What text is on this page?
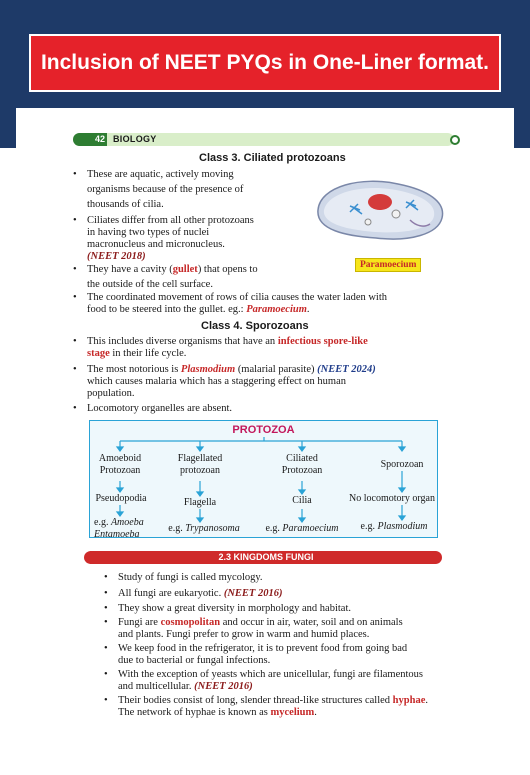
Inclusion of NEET PYQs in One-Liner format.
42 BIOLOGY
Class 3. Ciliated protozoans
• These are aquatic, actively moving
organisms because of the presence of
thousands of cilia.
• Ciliates differ from all other protozoans
in having two types of nuclei
macronucleus and micronucleus.
(NEET 2018)
• They have a cavity (gullet) that opens to
the outside of the cell surface.
• The coordinated movement of rows of cilia causes the water laden with
food to be steered into the gullet. eg.: Paramoecium.
Paramoecium
Class 4. Sporozoans
• This includes diverse organisms that have an infectious spore-like
stage in their life cycle.
• The most notorious is Plasmodium (malarial parasite) (NEET 2024)
which causes malaria which has a staggering effect on human
population.
• Locomotory organelles are absent.
PROTOZOA
Amoeboid
Protozoan
Pseudopodia
e.g. Amoeba
Entamoeba
Flagellated
protozoan
Flagella
e.g. Trypanosoma
Ciliated
Protozoan
Cilia
e.g. Paramoecium
Sporozoan
No locomotory organ
e.g. Plasmodium
2.3 KINGDOMS FUNGI
• Study of fungi is called mycology.
• All fungi are eukaryotic. (NEET 2016)
• They show a great diversity in morphology and habitat.
• Fungi are cosmopolitan and occur in air, water, soil and on animals
and plants. Fungi prefer to grow in warm and humid places.
• We keep food in the refrigerator, it is to prevent food from going bad
due to bacterial or fungal infections.
• With the exception of yeasts which are unicellular, fungi are filamentous
and multicellular. (NEET 2016)
• Their bodies consist of long, slender thread-like structures called hyphae.
The network of hyphae is known as mycelium.
